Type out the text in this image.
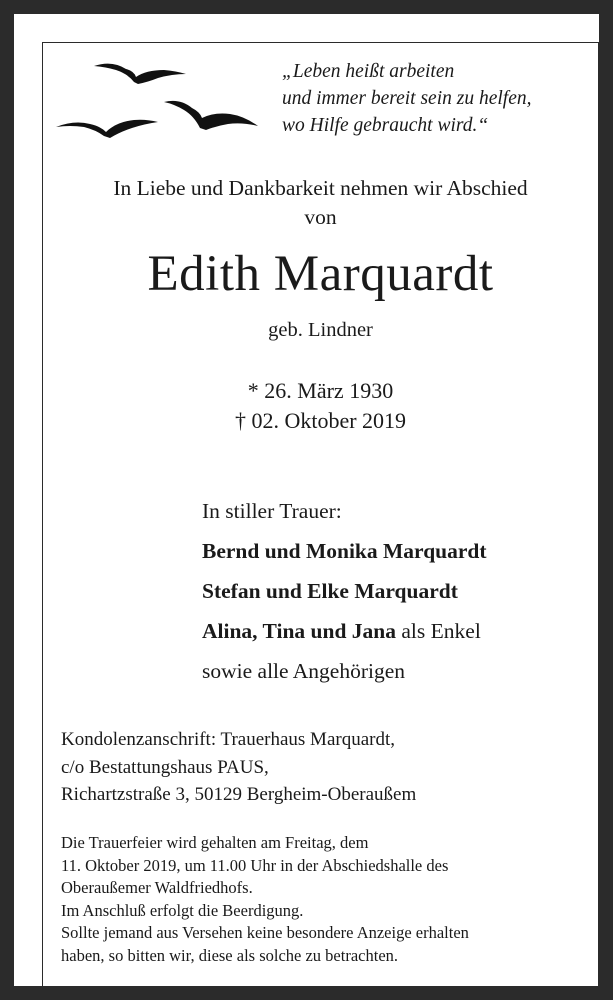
„Leben heißt arbeiten
und immer bereit sein zu helfen,
wo Hilfe gebraucht wird.“
In Liebe und Dankbarkeit nehmen wir Abschied
von
Edith Marquardt
geb. Lindner
* 26. März 1930
† 02. Oktober 2019
In stiller Trauer:
Bernd und Monika Marquardt
Stefan und Elke Marquardt
Alina, Tina und Jana als Enkel
sowie alle Angehörigen
Kondolenzanschrift: Trauerhaus Marquardt,
c/o Bestattungshaus PAUS,
Richartzstraße 3, 50129 Bergheim-Oberaußem
Die Trauerfeier wird gehalten am Freitag, dem
11. Oktober 2019, um 11.00 Uhr in der Abschiedshalle des
Oberaußemer Waldfriedhofs.
Im Anschluß erfolgt die Beerdigung.
Sollte jemand aus Versehen keine besondere Anzeige erhalten
haben, so bitten wir, diese als solche zu betrachten.
